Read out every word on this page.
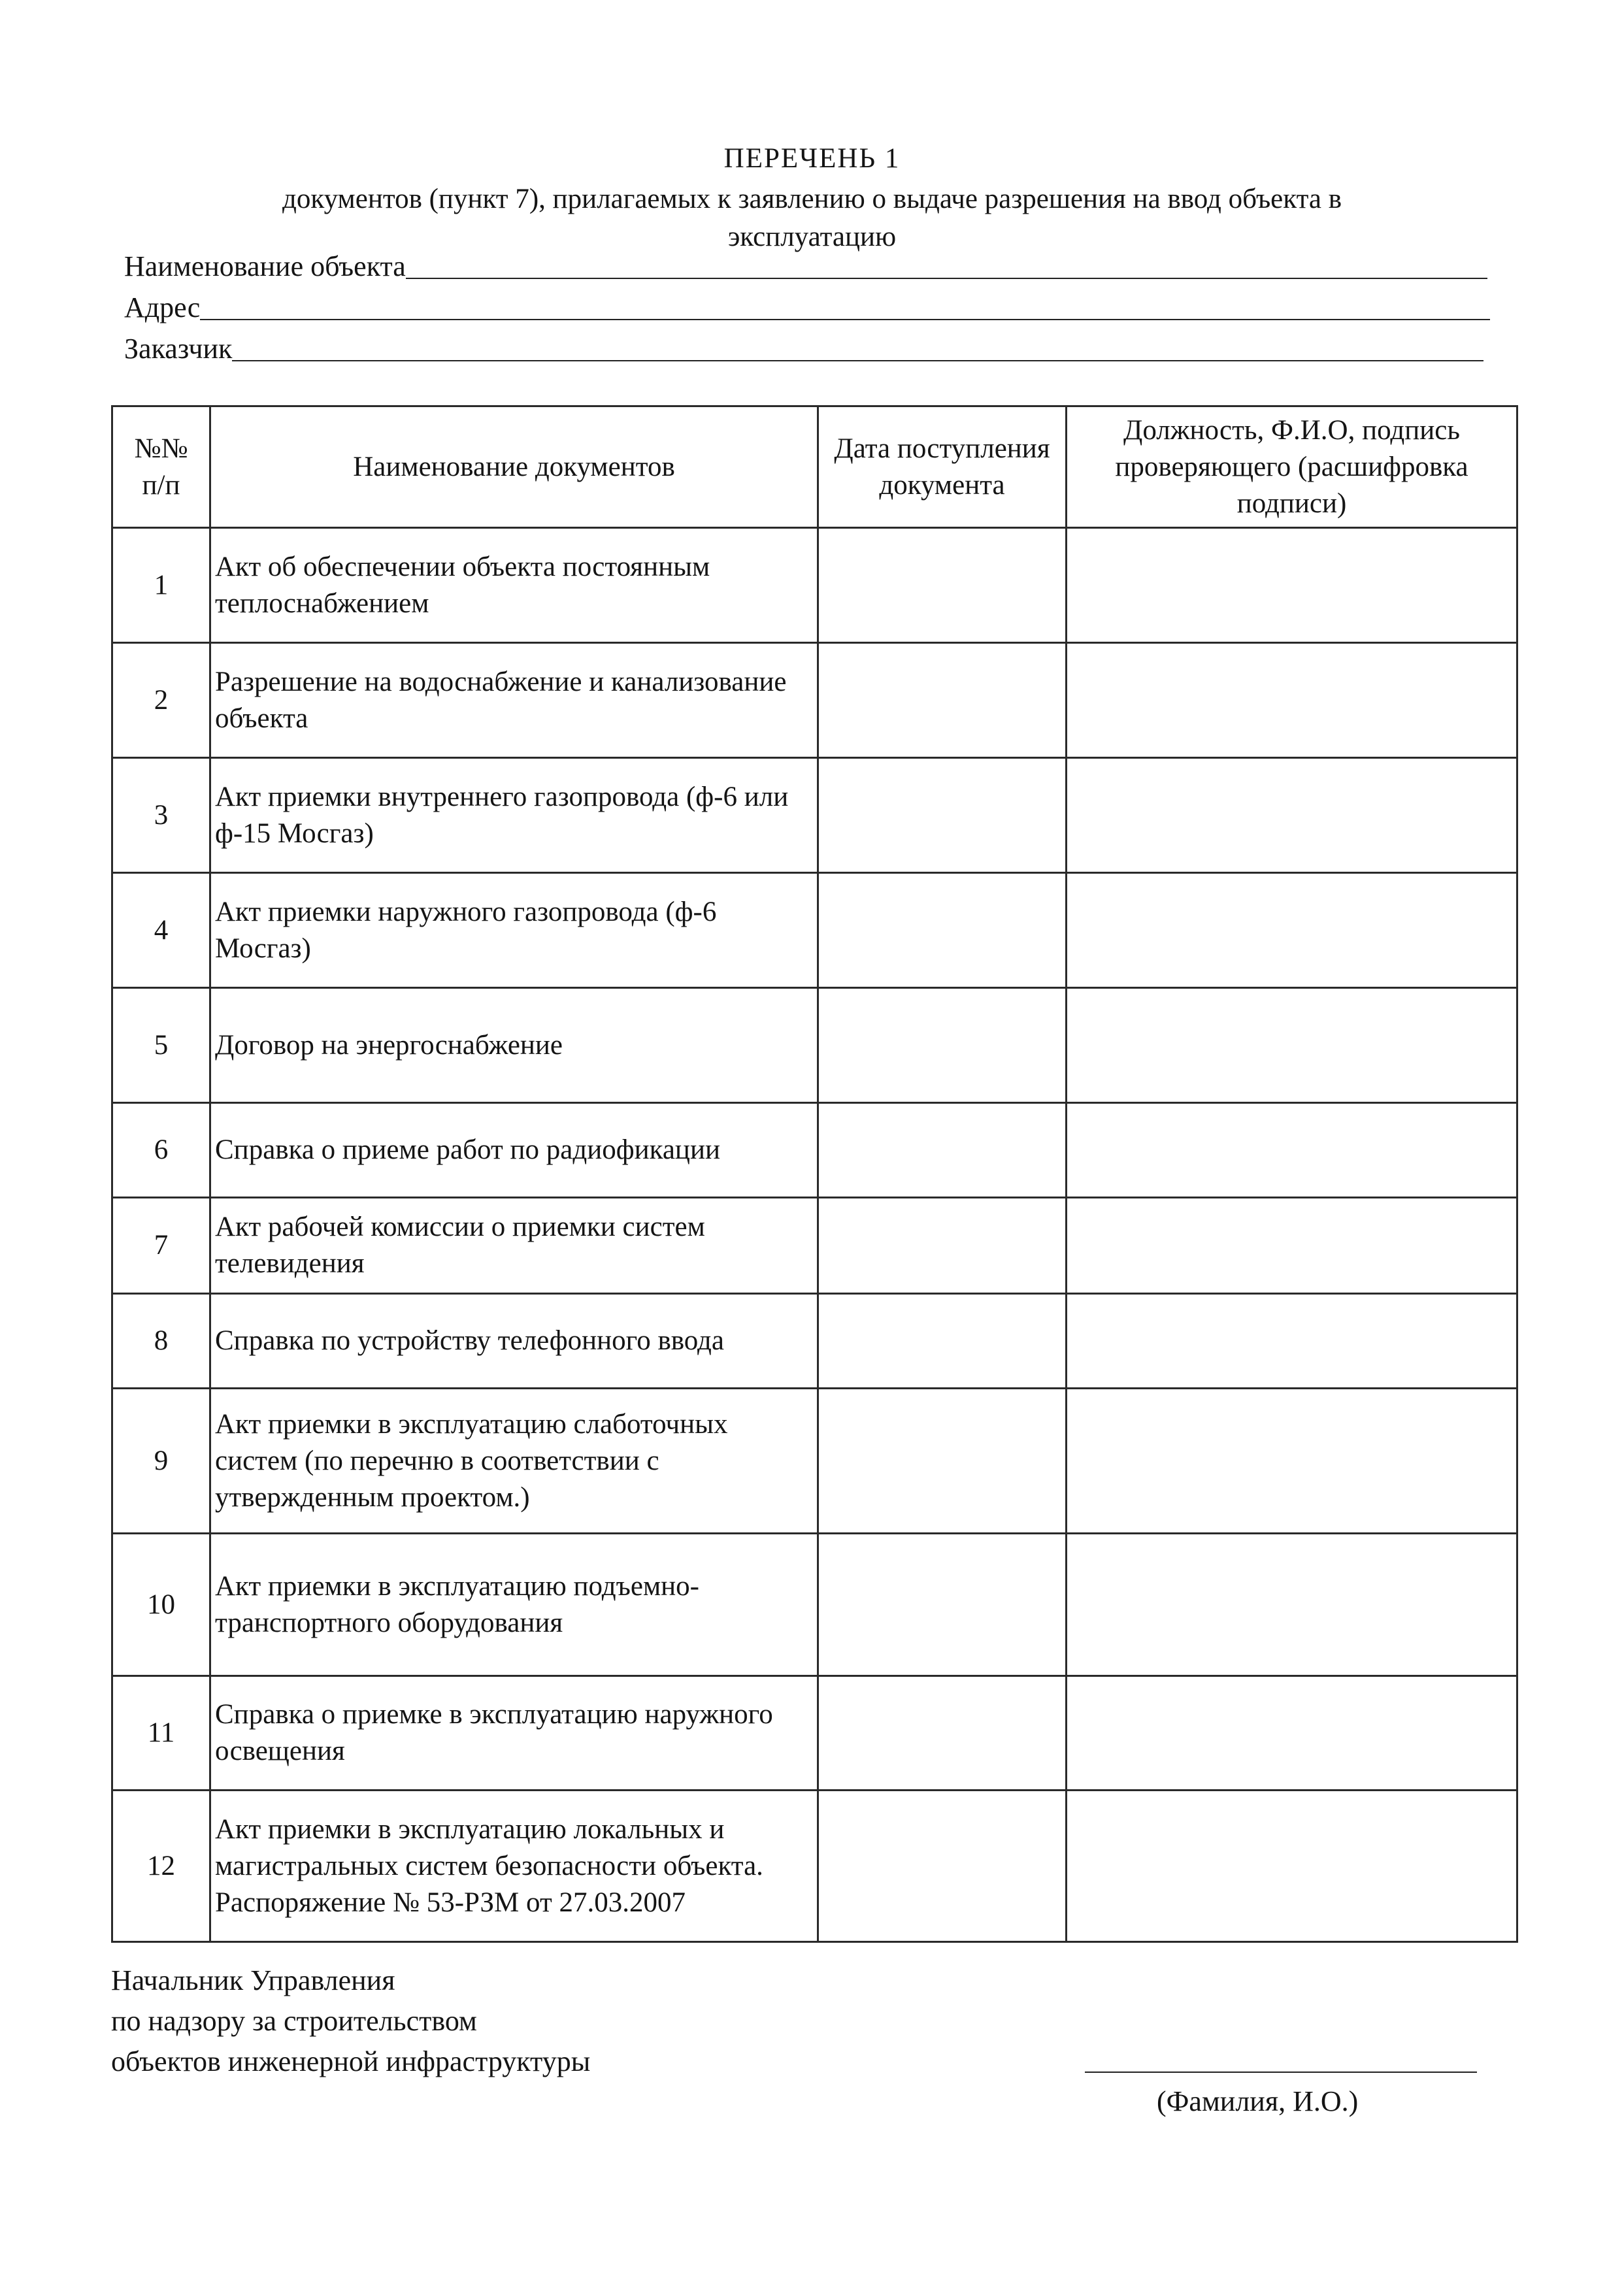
ПЕРЕЧЕНЬ 1
документов (пункт 7), прилагаемых к заявлению о выдаче разрешения на ввод объекта в
эксплуатацию
Наименование объекта
Адрес
Заказчик
№№ п/п	Наименование документов	Дата поступления документа	Должность, Ф.И.О, подпись проверяющего (расшифровка подписи)
1	Акт об обеспечении объекта постоянным теплоснабжением		
2	Разрешение на водоснабжение и канализование объекта		
3	Акт приемки внутреннего газопровода (ф-6 или ф-15 Мосгаз)		
4	Акт приемки наружного газопровода (ф-6 Мосгаз)		
5	Договор на энергоснабжение		
6	Справка о приеме работ по радиофикации		
7	Акт рабочей комиссии о приемки систем телевидения		
8	Справка по устройству телефонного ввода		
9	Акт приемки в эксплуатацию слаботочных систем (по перечню в соответствии с утвержденным проектом.)		
10	Акт приемки в эксплуатацию подъемно-транспортного оборудования		
11	Справка о приемке в эксплуатацию наружного освещения		
12	Акт приемки в эксплуатацию локальных и магистральных систем безопасности объекта. Распоряжение № 53-РЗМ от 27.03.2007		
Начальник Управления
по надзору за строительством
объектов инженерной инфраструктуры
(Фамилия, И.О.)
